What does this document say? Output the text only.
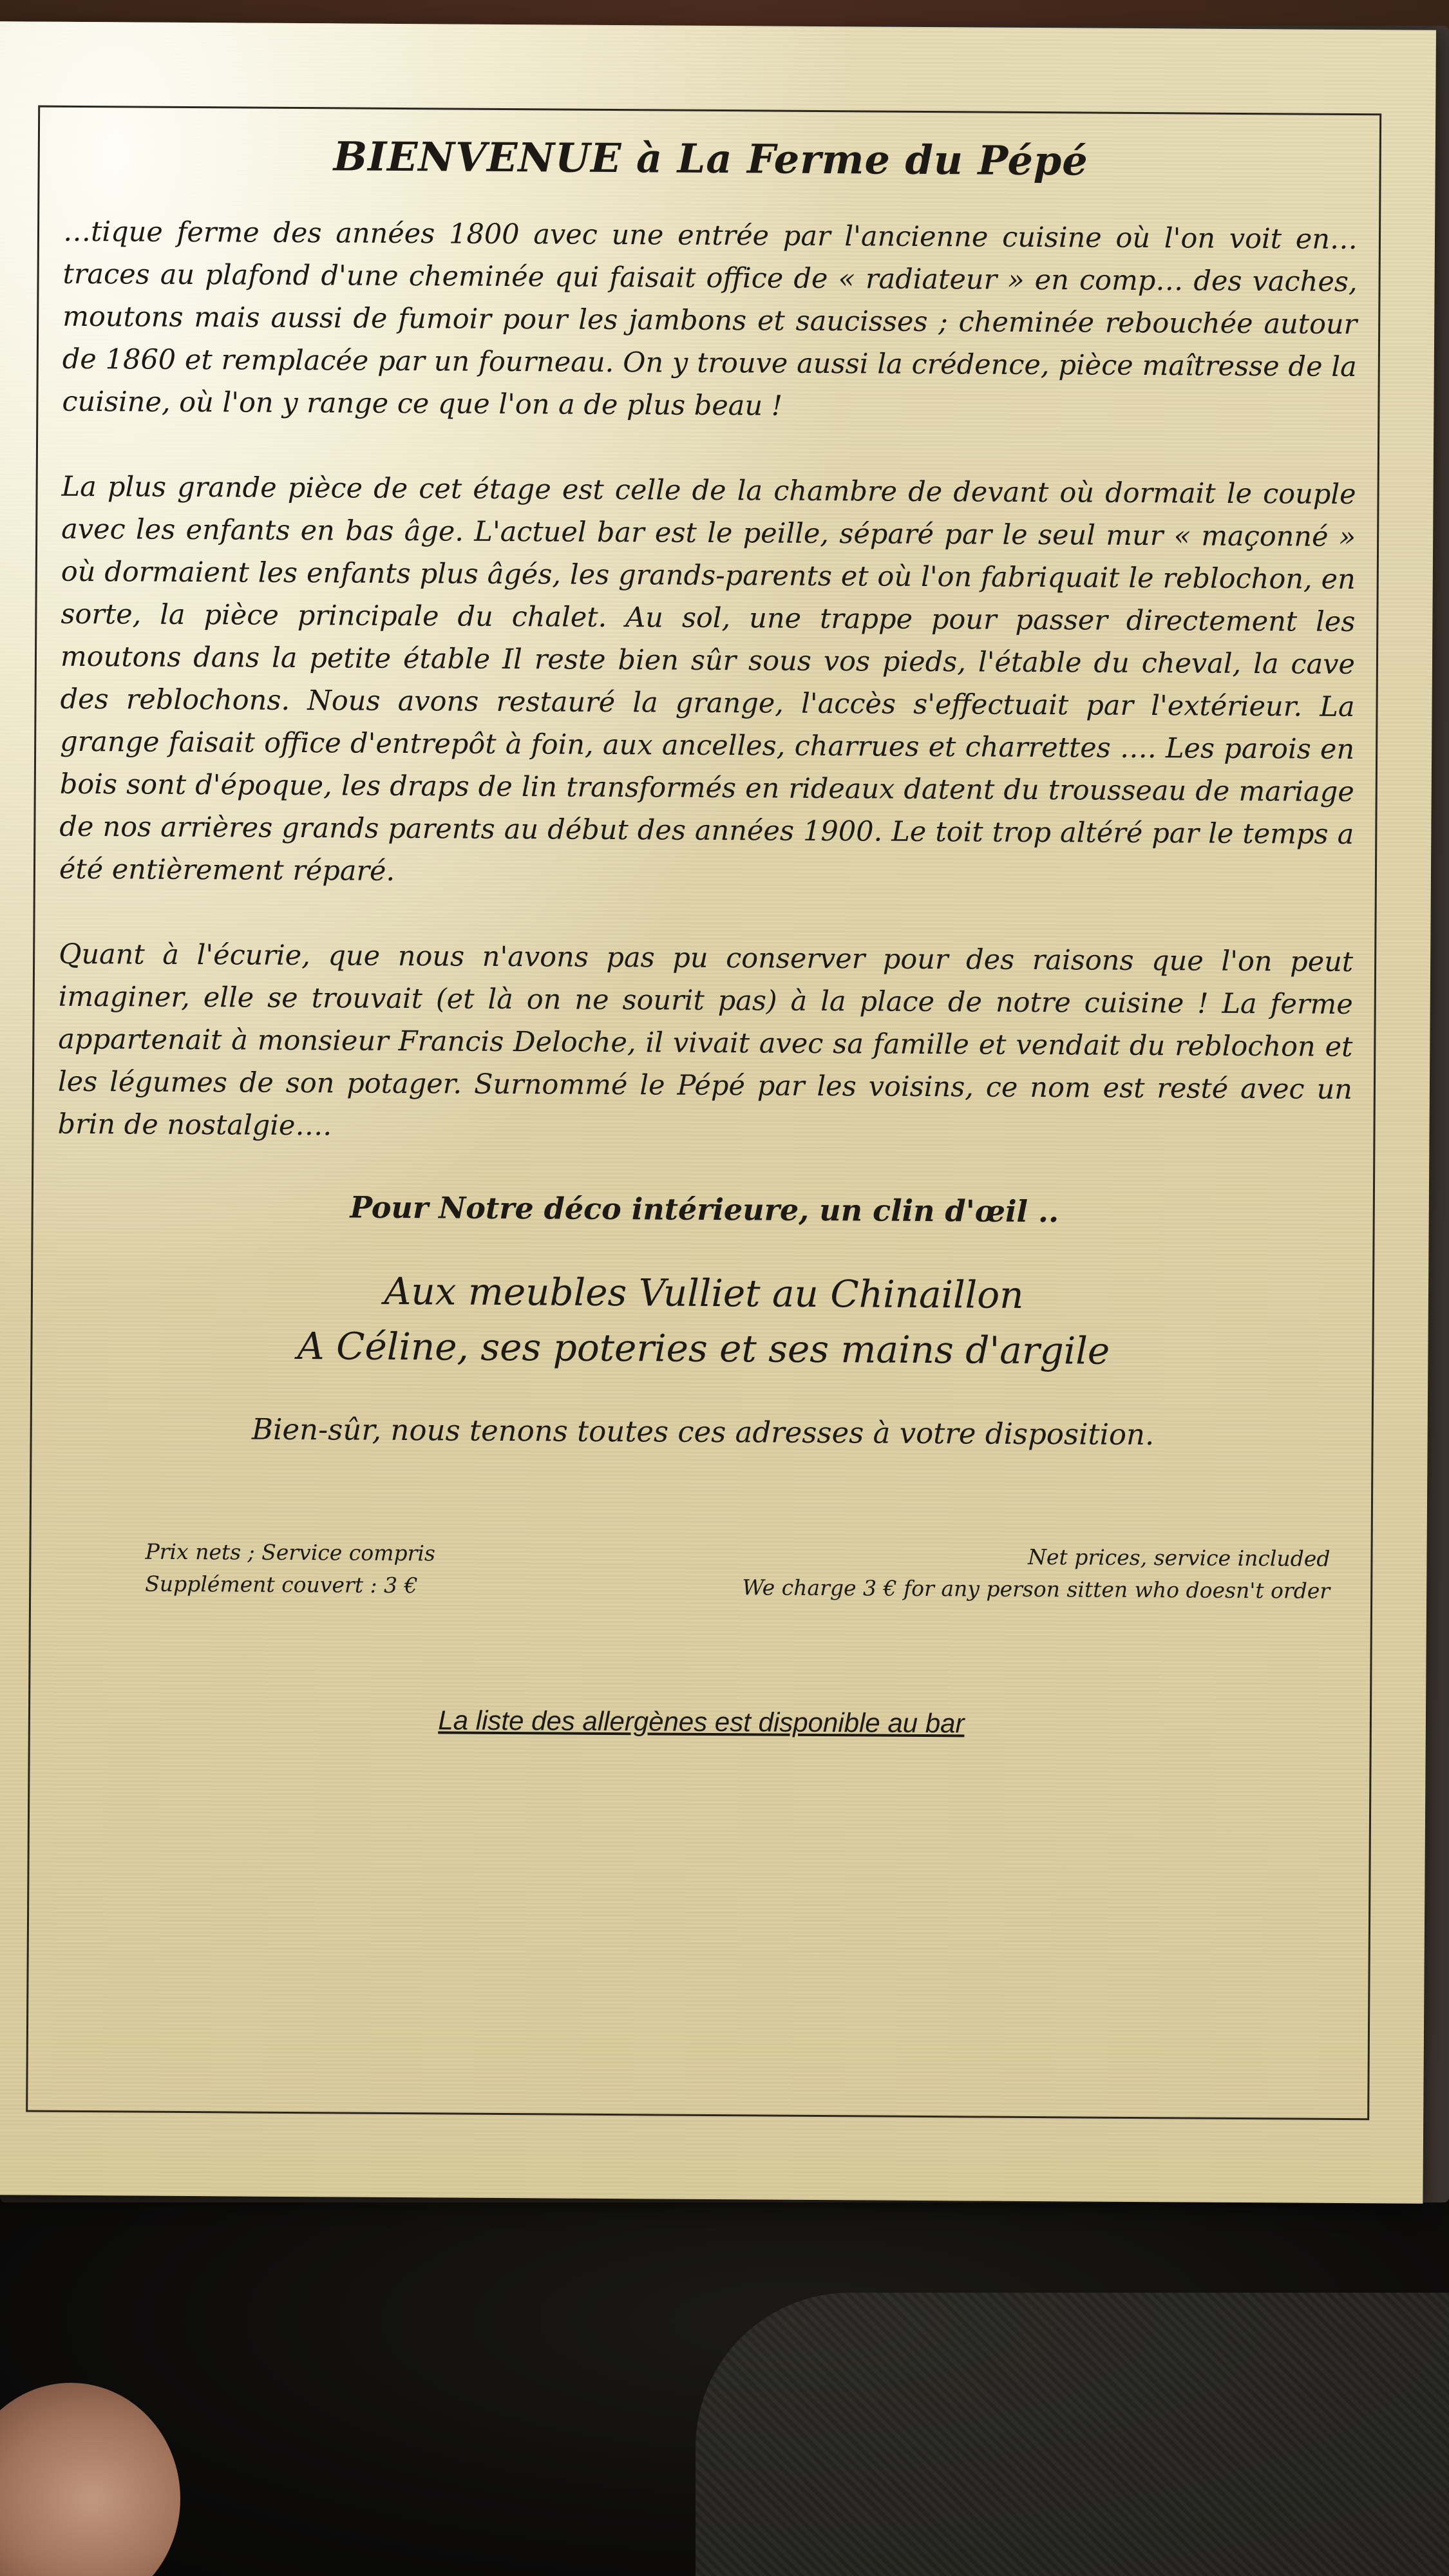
BIENVENUE à La Ferme du Pépé

…tique ferme des années 1800 avec une entrée par l'ancienne cuisine où l'on voit en… traces au plafond d'une cheminée qui faisait office de « radiateur » en comp… des vaches, moutons mais aussi de fumoir pour les jambons et saucisses ; cheminée rebouchée autour de 1860 et remplacée par un fourneau. On y trouve aussi la crédence, pièce maîtresse de la cuisine, où l'on y range ce que l'on a de plus beau !

La plus grande pièce de cet étage est celle de la chambre de devant où dormait le couple avec les enfants en bas âge. L'actuel bar est le peille, séparé par le seul mur « maçonné » où dormaient les enfants plus âgés, les grands-parents et où l'on fabriquait le reblochon, en sorte, la pièce principale du chalet. Au sol, une trappe pour passer directement les moutons dans la petite étable Il reste bien sûr sous vos pieds, l'étable du cheval, la cave des reblochons. Nous avons restauré la grange, l'accès s'effectuait par l'extérieur. La grange faisait office d'entrepôt à foin, aux ancelles, charrues et charrettes …. Les parois en bois sont d'époque, les draps de lin transformés en rideaux datent du trousseau de mariage de nos arrières grands parents au début des années 1900. Le toit trop altéré par le temps a été entièrement réparé.

Quant à l'écurie, que nous n'avons pas pu conserver pour des raisons que l'on peut imaginer, elle se trouvait (et là on ne sourit pas) à la place de notre cuisine ! La ferme appartenait à monsieur Francis Deloche, il vivait avec sa famille et vendait du reblochon et les légumes de son potager. Surnommé le Pépé par les voisins, ce nom est resté avec un brin de nostalgie….

Pour Notre déco intérieure, un clin d'œil ..
Aux meubles Vulliet au Chinaillon
A Céline, ses poteries et ses mains d'argile
Bien-sûr, nous tenons toutes ces adresses à votre disposition.
Prix nets ; Service compris
Supplément couvert : 3 €
Net prices, service included
We charge 3 € for any person sitten who doesn't order
La liste des allergènes est disponible au bar
